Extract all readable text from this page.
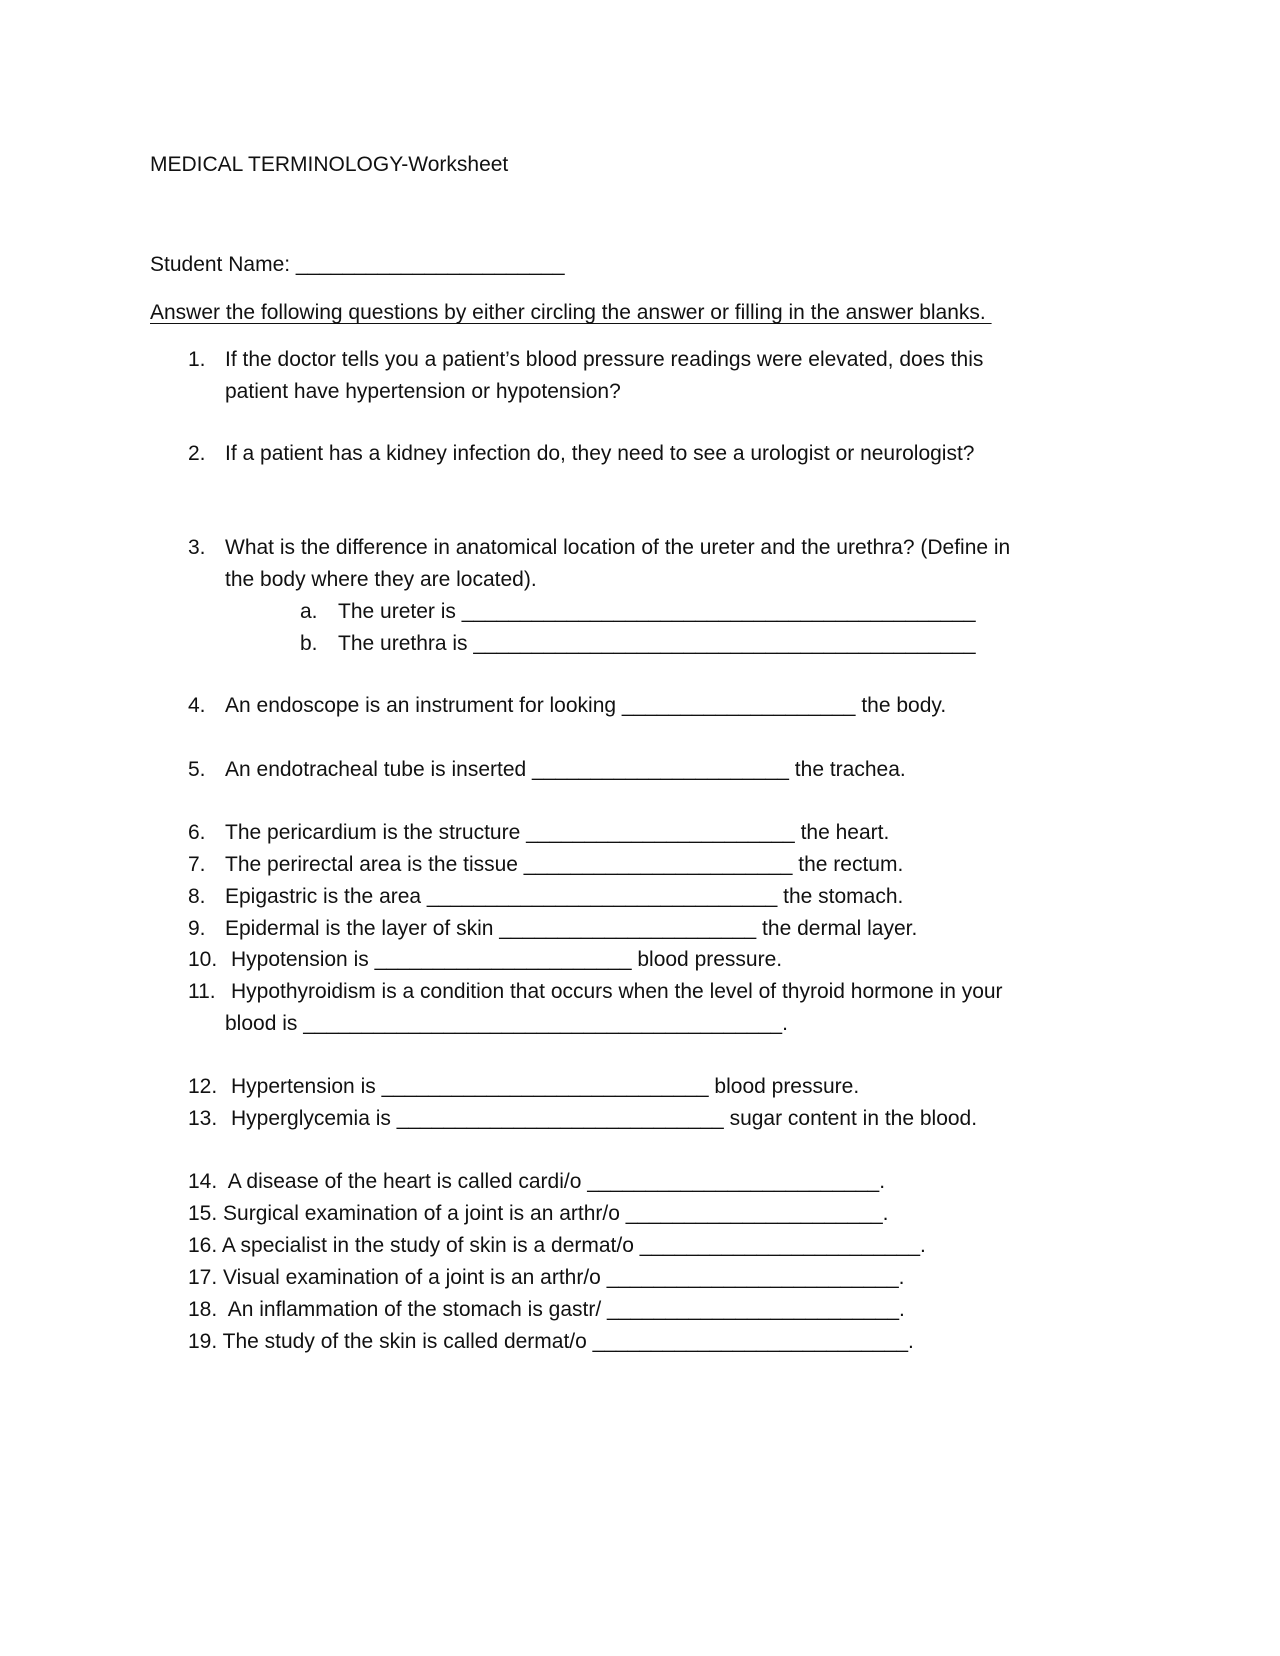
MEDICAL TERMINOLOGY-Worksheet
Student Name: _______________________
Answer the following questions by either circling the answer or filling in the answer blanks.
1. If the doctor tells you a patient’s blood pressure readings were elevated, does this
patient have hypertension or hypotension?
2. If a patient has a kidney infection do, they need to see a urologist or neurologist?
3. What is the difference in anatomical location of the ureter and the urethra? (Define in
the body where they are located).
a. The ureter is ____________________________________________
b. The urethra is ___________________________________________
4. An endoscope is an instrument for looking ____________________ the body.
5. An endotracheal tube is inserted ______________________ the trachea.
6. The pericardium is the structure _______________________ the heart.
7. The perirectal area is the tissue _______________________ the rectum.
8. Epigastric is the area ______________________________ the stomach.
9. Epidermal is the layer of skin ______________________ the dermal layer.
10. Hypotension is ______________________ blood pressure.
11. Hypothyroidism is a condition that occurs when the level of thyroid hormone in your
blood is _________________________________________.
12. Hypertension is ____________________________ blood pressure.
13. Hyperglycemia is ____________________________ sugar content in the blood.
14.  A disease of the heart is called cardi/o _________________________.
15. Surgical examination of a joint is an arthr/o ______________________.
16. A specialist in the study of skin is a dermat/o ________________________.
17. Visual examination of a joint is an arthr/o _________________________.
18.  An inflammation of the stomach is gastr/ _________________________.
19. The study of the skin is called dermat/o ___________________________.
